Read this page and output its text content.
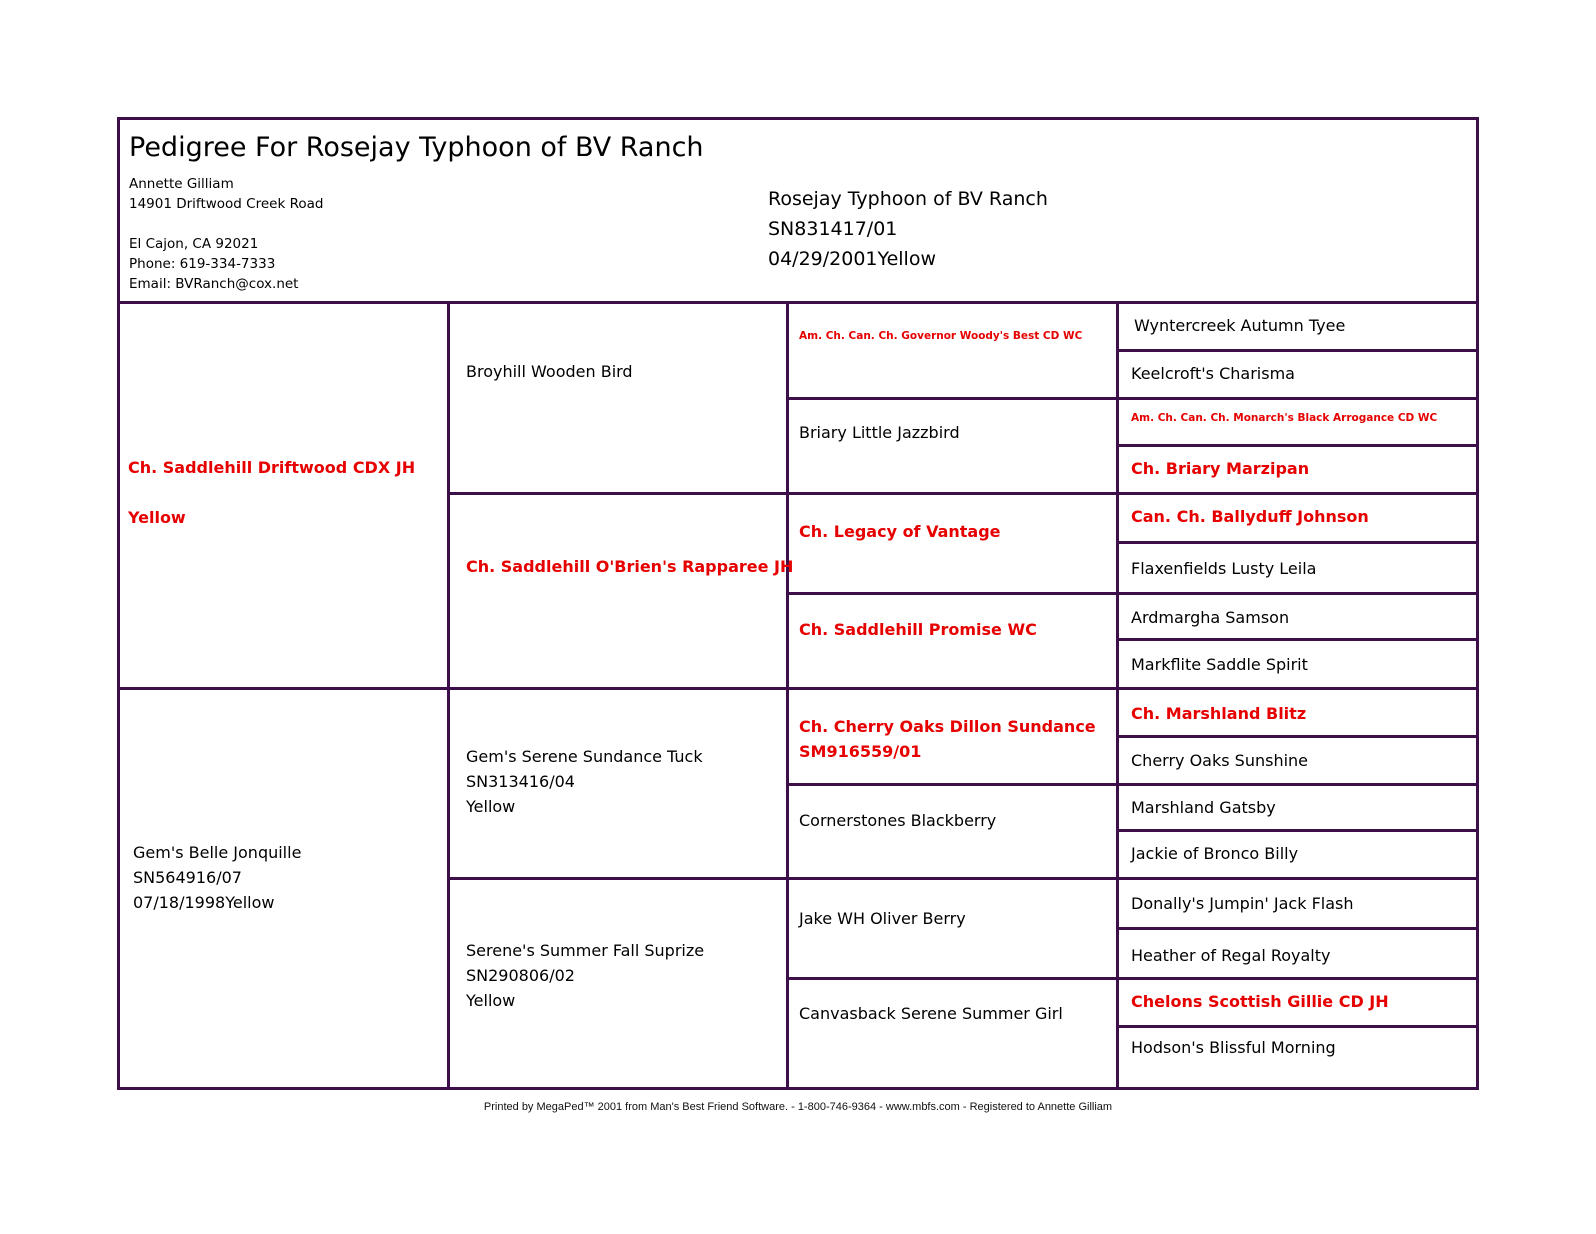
Pedigree For Rosejay Typhoon of BV Ranch
Annette Gilliam
14901 Driftwood Creek Road
El Cajon, CA 92021
Phone: 619-334-7333
Email: BVRanch@cox.net
Rosejay Typhoon of BV Ranch
SN831417/01
04/29/2001Yellow
Ch. Saddlehill Driftwood CDX JH
Yellow
Gem's Belle Jonquille
SN564916/07
07/18/1998Yellow
Broyhill Wooden Bird
Ch. Saddlehill O'Brien's Rapparee JH
Gem's Serene Sundance Tuck
SN313416/04
Yellow
Serene's Summer Fall Suprize
SN290806/02
Yellow
Am. Ch. Can. Ch. Governor Woody's Best CD WC
Briary Little Jazzbird
Ch. Legacy of Vantage
Ch. Saddlehill Promise WC
Ch. Cherry Oaks Dillon Sundance
SM916559/01
Cornerstones Blackberry
Jake WH Oliver Berry
Canvasback Serene Summer Girl
Wyntercreek Autumn Tyee
Keelcroft's Charisma
Am. Ch. Can. Ch. Monarch's Black Arrogance CD WC
Ch. Briary Marzipan
Can. Ch. Ballyduff Johnson
Flaxenfields Lusty Leila
Ardmargha Samson
Markflite Saddle Spirit
Ch. Marshland Blitz
Cherry Oaks Sunshine
Marshland Gatsby
Jackie of Bronco Billy
Donally's Jumpin' Jack Flash
Heather of Regal Royalty
Chelons Scottish Gillie CD JH
Hodson's Blissful Morning
Printed by MegaPed™ 2001 from Man's Best Friend Software. - 1-800-746-9364 - www.mbfs.com - Registered to Annette Gilliam
